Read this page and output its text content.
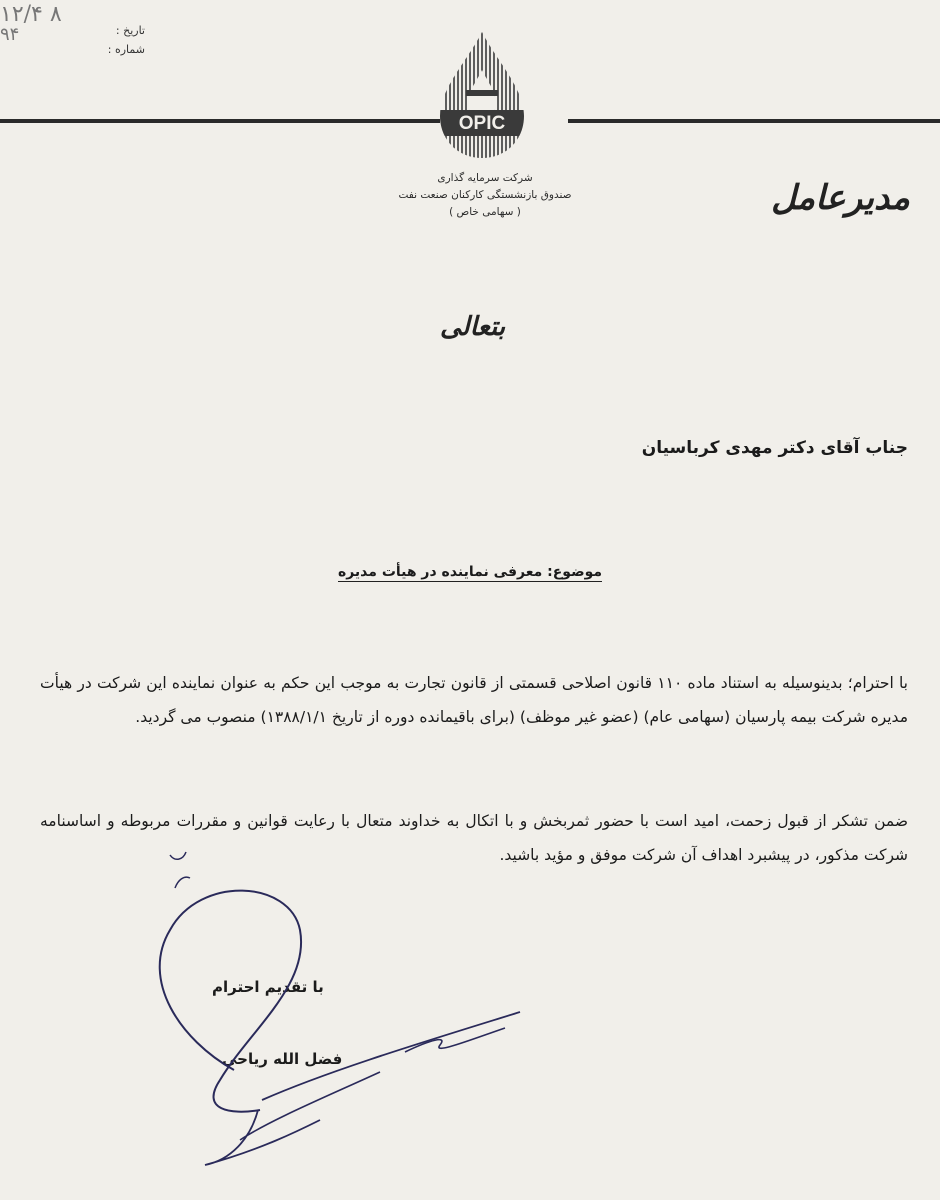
۱۲/۴ ۸
۹۴	تاریخ :
شماره :
OPIC
شرکت سرمایه گذاری
صندوق بازنشستگی کارکنان صنعت نفت
( سهامی خاص )	مدیرعامل
بتعالی
جناب آقای دکتر مهدی کرباسیان
موضوع: معرفی نماینده در هیأت مدیره
با احترام؛ بدینوسیله به استناد ماده ۱۱۰ قانون اصلاحی قسمتی از قانون تجارت به موجب این حکم به عنوان نماینده این شرکت در هیأت مدیره شرکت بیمه پارسیان (سهامی عام) (عضو غیر موظف) (برای باقیمانده دوره از تاریخ ۱۳۸۸/۱/۱) منصوب می گردید.
ضمن تشکر از قبول زحمت، امید است با حضور ثمربخش و با اتکال به خداوند متعال با رعایت قوانین و مقررات مربوطه و اساسنامه شرکت مذکور، در پیشبرد اهداف آن شرکت موفق و مؤید باشید.
با تقدیم احترام
فضل الله ریاحی
